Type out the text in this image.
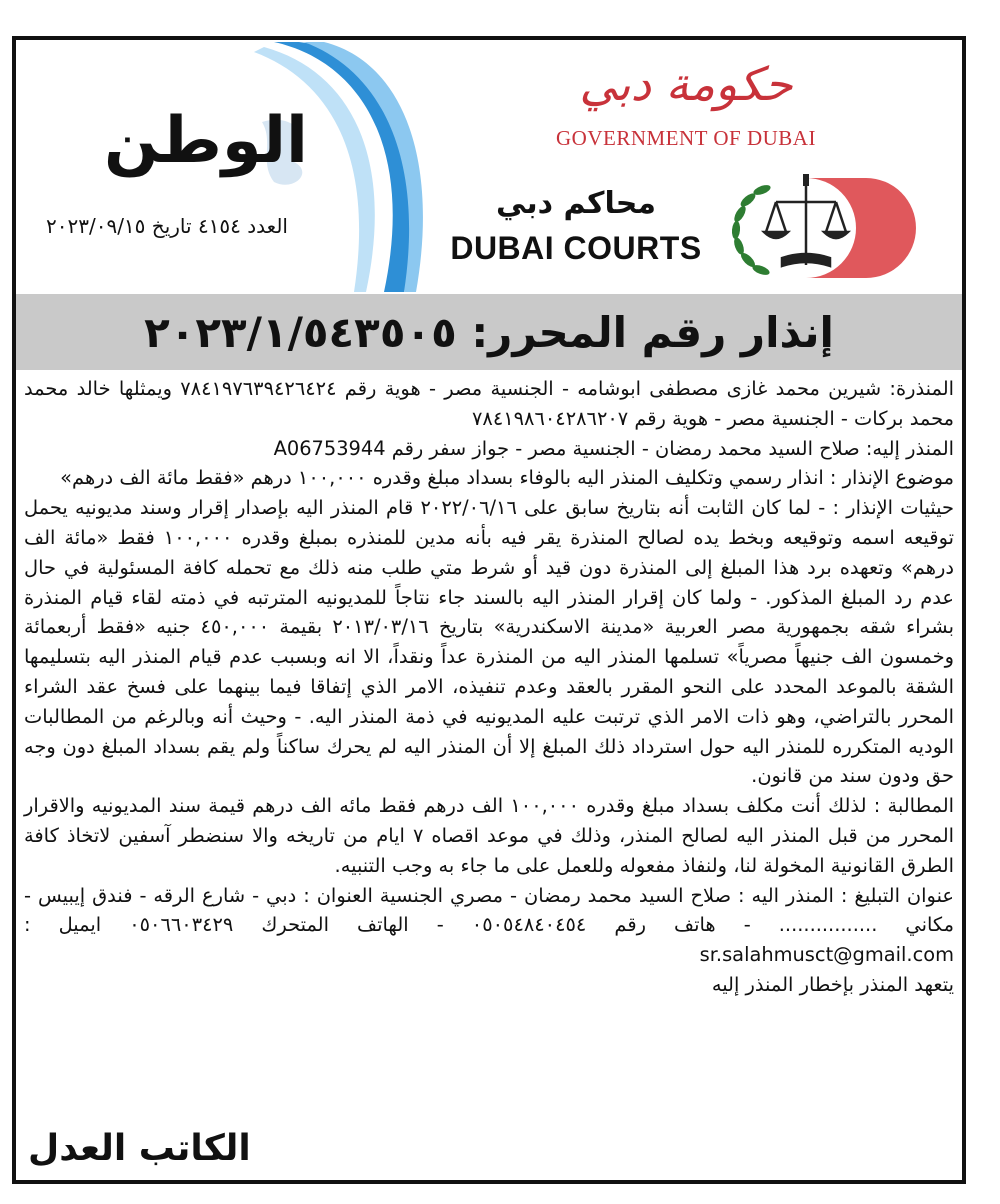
الوطن
العدد ٤١٥٤ تاريخ ٢٠٢٣/٠٩/١٥
حكومة دبي
GOVERNMENT OF DUBAI
محاكم دبي
DUBAI COURTS
إنذار رقم المحرر: ٢٠٢٣/١/٥٤٣٥٠٥

المنذرة: شيرين محمد غازى مصطفى ابوشامه - الجنسية مصر - هوية رقم ٧٨٤١٩٧٦٣٩٤٢٦٤٢٤ ويمثلها خالد محمد محمد بركات - الجنسية مصر - هوية رقم ٧٨٤١٩٨٦٠٤٢٨٦٢٠٧

المنذر إليه: صلاح السيد محمد رمضان - الجنسية مصر - جواز سفر رقم A06753944

موضوع الإنذار : انذار رسمي وتكليف المنذر اليه بالوفاء بسداد مبلغ وقدره ١٠٠,٠٠٠ درهم «فقط مائة الف درهم»

حيثيات الإنذار : - لما كان الثابت أنه بتاريخ سابق على ٢٠٢٢/٠٦/١٦ قام المنذر اليه بإصدار إقرار وسند مديونيه يحمل توقيعه اسمه وتوقيعه وبخط يده لصالح المنذرة يقر فيه بأنه مدين للمنذره بمبلغ وقدره ١٠٠,٠٠٠ فقط «مائة الف درهم» وتعهده برد هذا المبلغ إلى المنذرة دون قيد أو شرط متي طلب منه ذلك مع تحمله كافة المسئولية في حال عدم رد المبلغ المذكور. - ولما كان إقرار المنذر اليه بالسند جاء نتاجاً للمديونيه المترتبه في ذمته لقاء قيام المنذرة بشراء شقه بجمهورية مصر العربية «مدينة الاسكندرية» بتاريخ ٢٠١٣/٠٣/١٦ بقيمة ٤٥٠,٠٠٠ جنيه «فقط أربعمائة وخمسون الف جنيهاً مصرياً» تسلمها المنذر اليه من المنذرة عداً ونقداً، الا انه وبسبب عدم قيام المنذر اليه بتسليمها الشقة بالموعد المحدد على النحو المقرر بالعقد وعدم تنفيذه، الامر الذي إتفاقا فيما بينهما على فسخ عقد الشراء المحرر بالتراضي، وهو ذات الامر الذي ترتبت عليه المديونيه في ذمة المنذر اليه. - وحيث أنه وبالرغم من المطالبات الوديه المتكرره للمنذر اليه حول استرداد ذلك المبلغ إلا أن المنذر اليه لم يحرك ساكناً ولم يقم بسداد المبلغ دون وجه حق ودون سند من قانون.

المطالبة : لذلك أنت مكلف بسداد مبلغ وقدره ١٠٠,٠٠٠ الف درهم فقط مائه الف درهم قيمة سند المديونيه والاقرار المحرر من قبل المنذر اليه لصالح المنذر، وذلك في موعد اقصاه ٧ ايام من تاريخه والا سنضطر آسفين لاتخاذ كافة الطرق القانونية المخولة لنا، ولنفاذ مفعوله وللعمل على ما جاء به وجب التنبيه.

عنوان التبليغ : المنذر اليه : صلاح السيد محمد رمضان - مصري الجنسية العنوان : دبي - شارع الرقه - فندق إيبيس - مكاني ................ - هاتف رقم ٠٥٠٥٤٨٤٠٤٥٤ - الهاتف المتحرك ٠٥٠٦٦٠٣٤٢٩ ايميل : sr.salahmusct@gmail.com

يتعهد المنذر بإخطار المنذر إليه

الكاتب العدل
